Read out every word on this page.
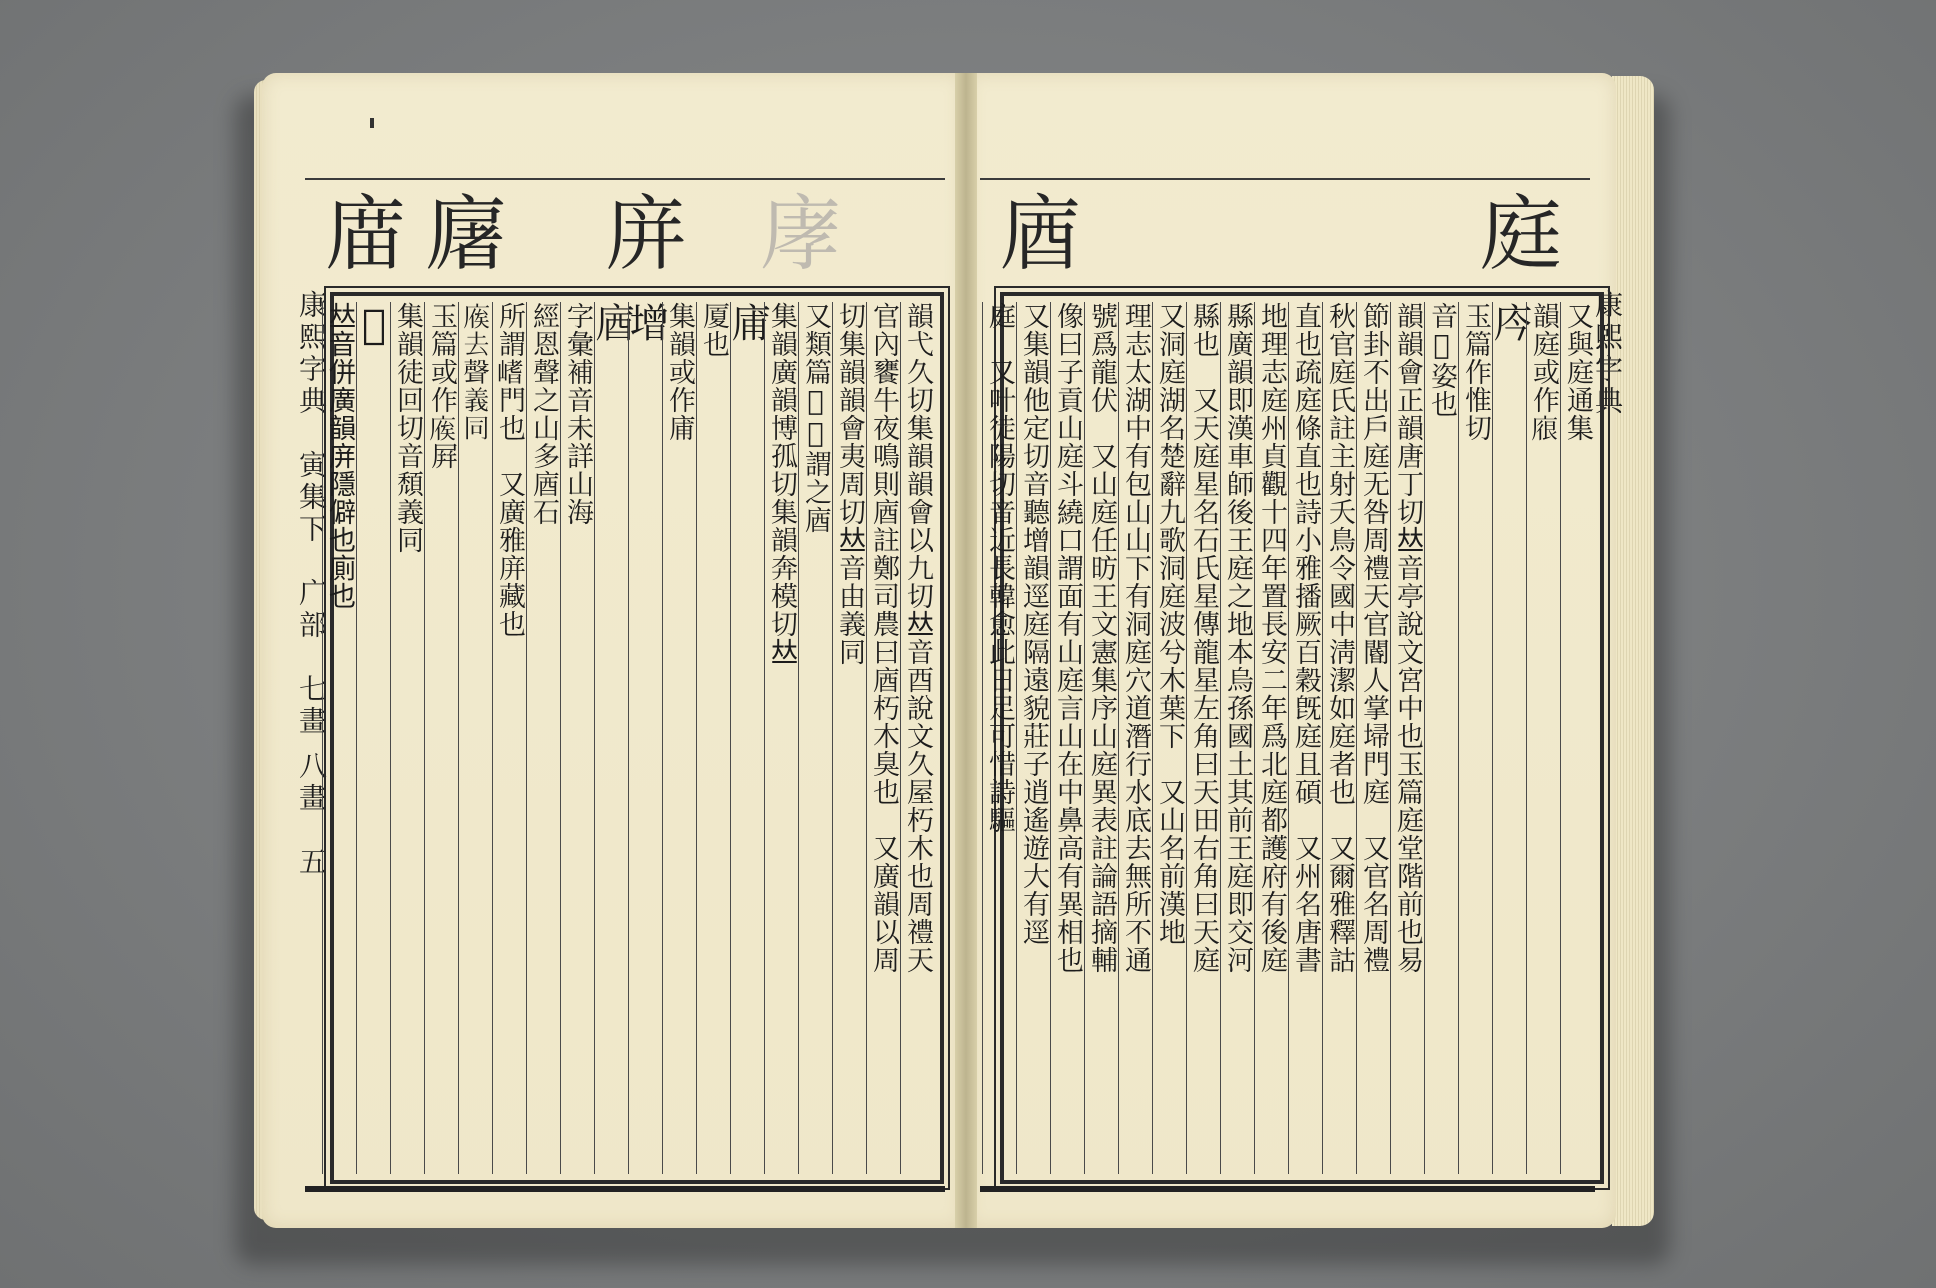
庿 廜 庰 庨	庭
庮
康熙字典　寅集下　广部　七畫 八畫　五
康熙字典
韻弋久切集韻韻會以九切𠀤音酉說文久屋朽木也周禮天
官內饔牛夜鳴則庮註鄭司農曰庮朽木臭也　又廣韻以周
切集韻韻會夷周切𠀤音由義同
又類篇𠡠𥪡謂之庮
集韻廣韻博孤切集韻奔模切𠀤
庯
厦也
集韻或作庯
增
庮
字彙補音未詳山海
經恩聲之山多庮石
所謂𡺸門也　又廣雅庰藏也
𢉡去聲義同
玉篇或作𢉡屛
集韻徒回切音頹義同
𢉐
𠀤音併廣韻庰隱僻也廁也	又與庭通集
韻庭或作𢉟
庈
玉篇作惟切
音𠆳姿也
韻韻會正韻唐丁切𠀤音亭說文宮中也玉篇庭堂階前也易
節卦不出戶庭无咎周禮天官閽人掌埽門庭　又官名周禮
秋官庭氏註主射夭鳥令國中淸潔如庭者也　又爾雅釋詁
直也疏庭條直也詩小雅播厥百穀旣庭且碩　又州名唐書
地理志庭州貞觀十四年置長安二年爲北庭都護府有後庭
縣廣韻即漢車師後王庭之地本烏孫國土其前王庭即交河
縣也　又天庭星名石氏星傳龍星左角曰天田右角曰天庭
又洞庭湖名楚辭九歌洞庭波兮木葉下　又山名前漢地
理志太湖中有包山山下有洞庭穴道潛行水底去無所不通
號爲龍伏　又山庭任昉王文憲集序山庭異表註論語摘輔
像曰子貢山庭斗繞口謂面有山庭言山在中鼻高有異相也
又集韻他定切音聽增韻逕庭隔遠貌莊子逍遙遊大有逕
庭　又叶徒陽切音近長韓愈此日足可惜詩驅
